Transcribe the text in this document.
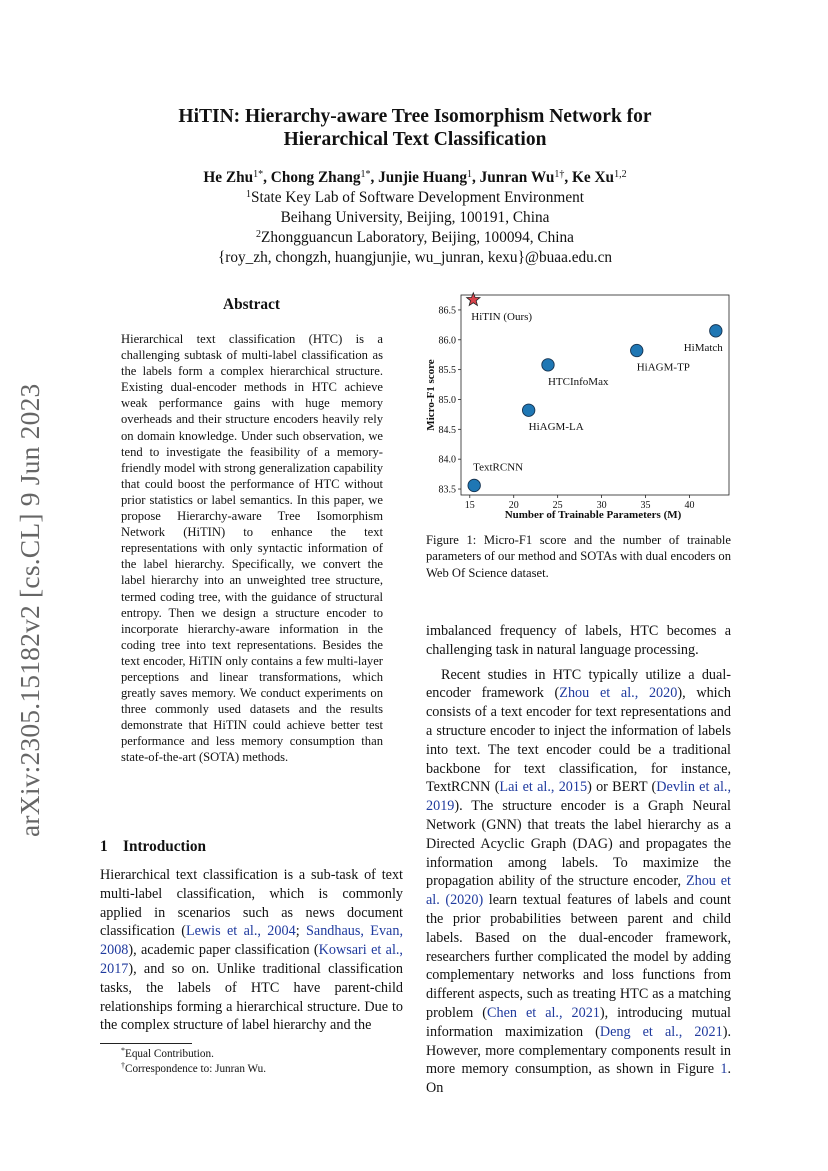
arXiv:2305.15182v2 [cs.CL] 9 Jun 2023
HiTIN: Hierarchy-aware Tree Isomorphism Network for
Hierarchical Text Classification
He Zhu$^{1*}$, Chong Zhang$^{1*}$, Junjie Huang$^1$, Junran $Wu^{1\dagger}$, Ke Xu$^{1,2}$
$^1$State Key Lab of Software Development Environment
Beihang University, Beijing, 100191, China
$^2$Zhongguancun Laboratory, Beijing, 100094, China
{roy_zh, chongzh, huangjunjie, wu_junran, kexu}@buaa.edu.cn
Abstract
Hierarchical text classification (HTC) is a challenging subtask of multi-label classification as the labels form a complex hierarchical structure. Existing dual-encoder methods in HTC achieve weak performance gains with huge memory overheads and their structure encoders heavily rely on domain knowledge. Under such observation, we tend to investigate the feasibility of a memory-friendly model with strong generalization capability that could boost the performance of HTC without prior statistics or label semantics. In this paper, we propose Hierarchy-aware Tree Isomorphism Network (HiTIN) to enhance the text representations with only syntactic information of the label hierarchy. Specifically, we convert the label hierarchy into an unweighted tree structure, termed coding tree, with the guidance of structural entropy. Then we design a structure encoder to incorporate hierarchy-aware information in the coding tree into text representations. Besides the text encoder, HiTIN only contains a few multi-layer perceptions and linear transformations, which greatly saves memory. We conduct experiments on three commonly used datasets and the results demonstrate that HiTIN could achieve better test performance and less memory consumption than state-of-the-art (SOTA) methods.
1 Introduction
Hierarchical text classification is a sub-task of text multi-label classification, which is commonly applied in scenarios such as news document classification (Lewis et al., 2004; Sandhaus, Evan, 2008), academic paper classification (Kowsari et al., 2017), and so on. Unlike traditional classification tasks, the labels of HTC have parent-child relationships forming a hierarchical structure. Due to the complex structure of label hierarchy and the
*Equal Contribution.
†Correspondence to: Junran Wu.
15	20	25	30	35	40
83.5
84.0
84.5
85.0
85.5
86.0
86.5
Number of Trainable Parameters (M)
Micro-F1 score
HiTIN (Ours)
TextRCNN
HiAGM-LA
HTCInfoMax
HiAGM-TP
HiMatch
Figure 1: Micro-F1 score and the number of trainable parameters of our method and SOTAs with dual encoders on Web Of Science dataset.

imbalanced frequency of labels, HTC becomes a challenging task in natural language processing.

Recent studies in HTC typically utilize a dual-encoder framework (Zhou et al., 2020), which consists of a text encoder for text representations and a structure encoder to inject the information of labels into text. The text encoder could be a traditional backbone for text classification, for instance, TextRCNN (Lai et al., 2015) or BERT (Devlin et al., 2019). The structure encoder is a Graph Neural Network (GNN) that treats the label hierarchy as a Directed Acyclic Graph (DAG) and propagates the information among labels. To maximize the propagation ability of the structure encoder, Zhou et al. (2020) learn textual features of labels and count the prior probabilities between parent and child labels. Based on the dual-encoder framework, researchers further complicated the model by adding complementary networks and loss functions from different aspects, such as treating HTC as a matching problem (Chen et al., 2021), introducing mutual information maximization (Deng et al., 2021). However, more complementary components result in more memory consumption, as shown in Figure 1. On
